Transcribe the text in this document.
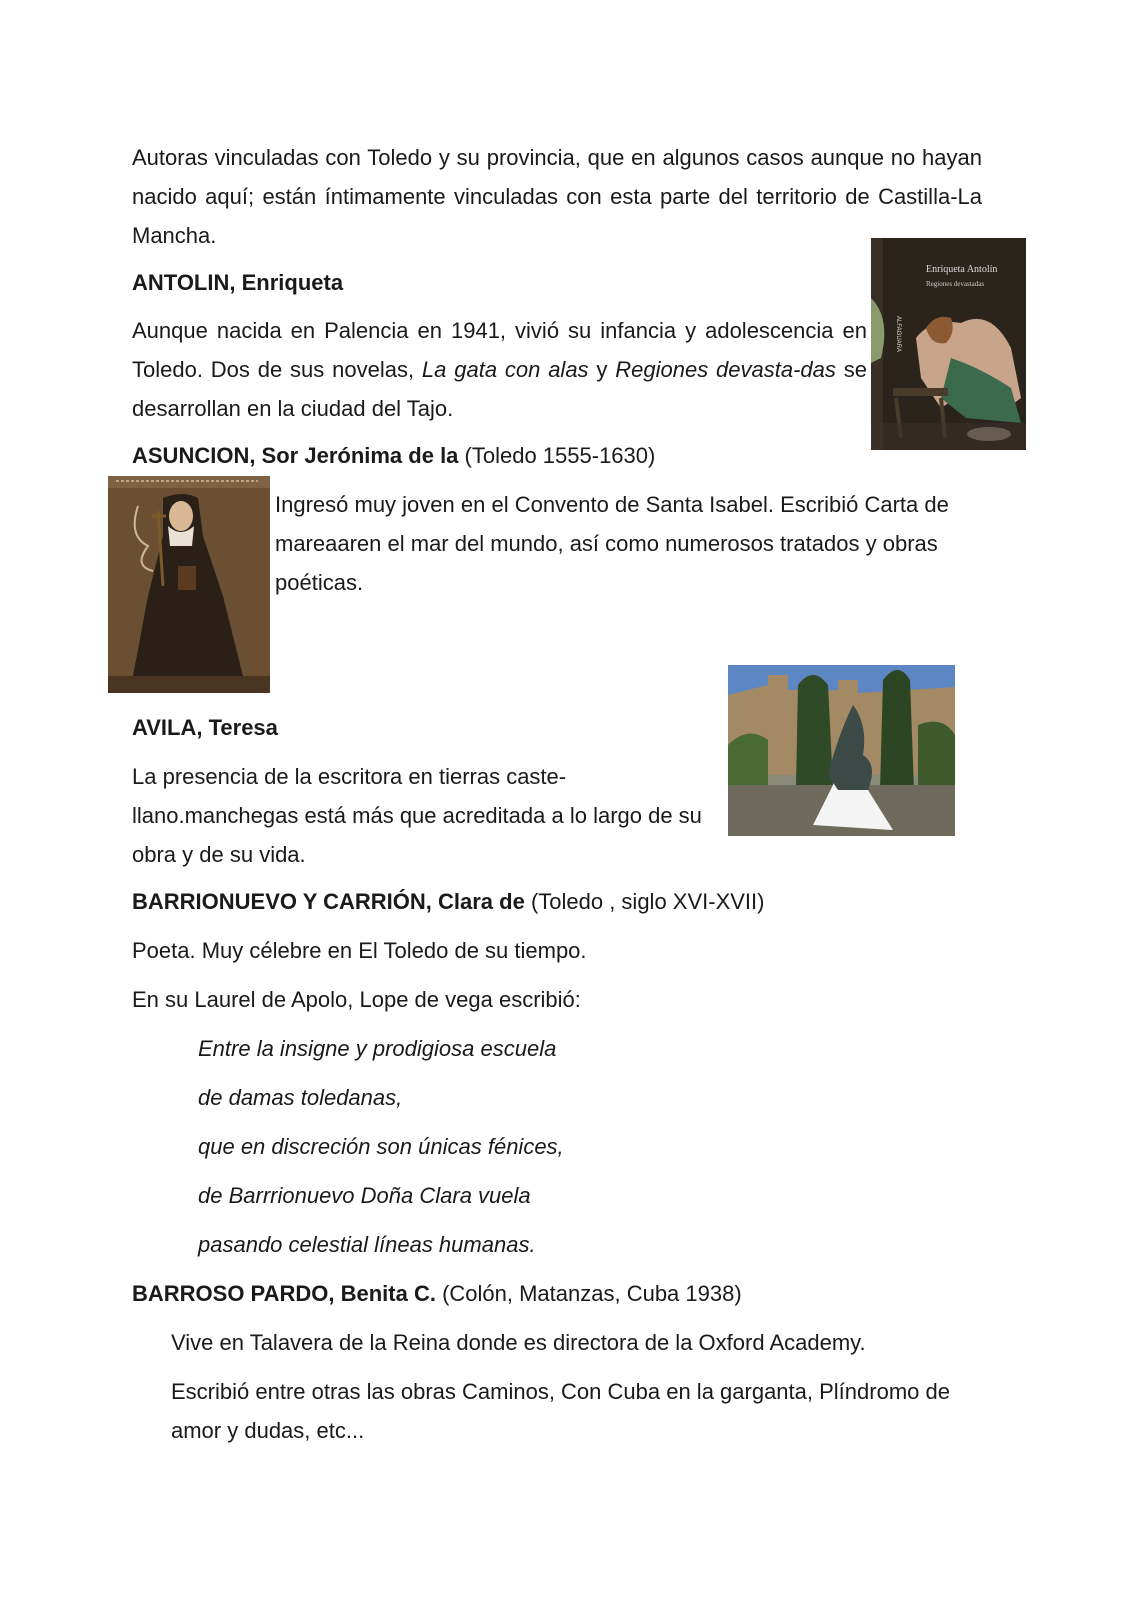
Autoras vinculadas con Toledo y su provincia, que en algunos casos aunque no hayan nacido aquí; están íntimamente vinculadas con esta parte del territorio de Castilla-La Mancha.

ANTOLIN, Enriqueta

Aunque nacida en Palencia en 1941, vivió su infancia y adolescencia en Toledo. Dos de sus novelas, La gata con alas y Regiones devasta-das se desarrollan en la ciudad del Tajo.

Enriqueta Antolín
Regiones devastadas
ALFAGUARA

ASUNCION, Sor Jerónima de la (Toledo 1555-1630)

Ingresó muy joven en el Convento de Santa Isabel. Escribió Carta de mareaaren el mar del mundo, así como numerosos tratados y obras poéticas.

AVILA, Teresa

La presencia de la escritora en tierras caste-llano.manchegas está más que acreditada a lo largo de su obra y de su vida.

BARRIONUEVO Y CARRIÓN, Clara de (Toledo , siglo XVI-XVII)

Poeta. Muy célebre en El Toledo de su tiempo.

En su Laurel de Apolo, Lope de vega escribió:

Entre la insigne y prodigiosa escuela

de damas toledanas,

que en discreción son únicas fénices,

de Barrrionuevo Doña Clara vuela

pasando celestial líneas humanas.

BARROSO PARDO, Benita C. (Colón, Matanzas, Cuba 1938)

Vive en Talavera de la Reina donde es directora de la Oxford Academy.

Escribió entre otras las obras Caminos, Con Cuba en la garganta, Plíndromo de amor y dudas, etc...
